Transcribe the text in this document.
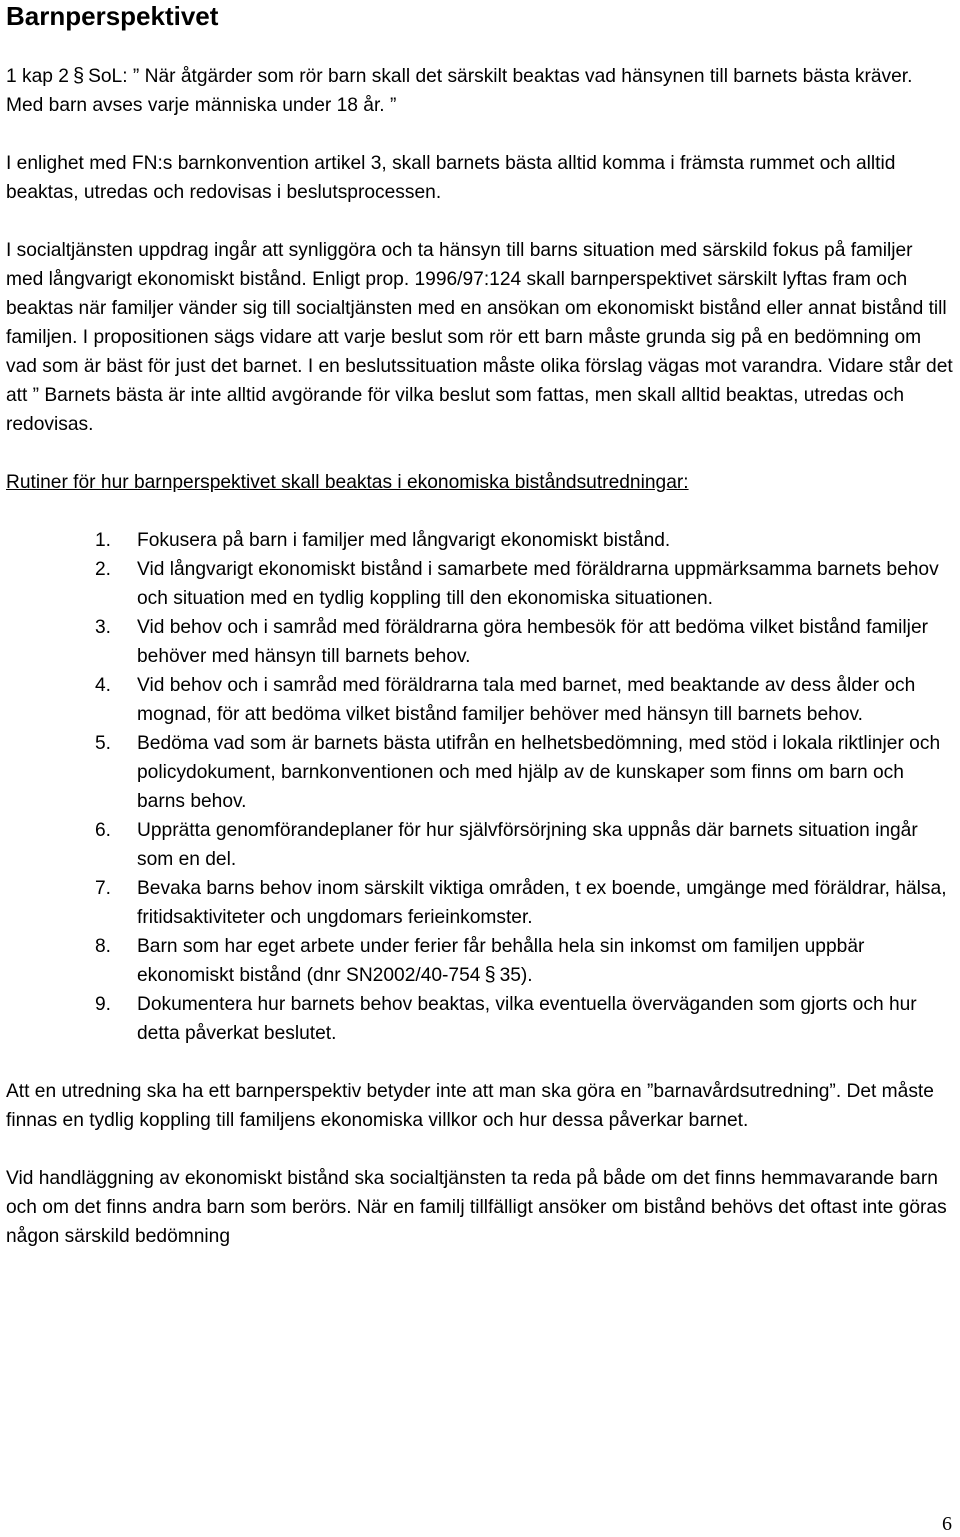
Barnperspektivet

1 kap 2 § SoL: ” När åtgärder som rör barn skall det särskilt beaktas vad hänsynen till barnets bästa kräver. Med barn avses varje människa under 18 år. ”

I enlighet med FN:s barnkonvention artikel 3, skall barnets bästa alltid komma i främsta rummet och alltid beaktas, utredas och redovisas i beslutsprocessen.

I socialtjänsten uppdrag ingår att synliggöra och ta hänsyn till barns situation med särskild fokus på familjer med långvarigt ekonomiskt bistånd. Enligt prop. 1996/97:124 skall barnperspektivet särskilt lyftas fram och beaktas när familjer vänder sig till socialtjänsten med en ansökan om ekonomiskt bistånd eller annat bistånd till familjen. I propositionen sägs vidare att varje beslut som rör ett barn måste grunda sig på en bedömning om vad som är bäst för just det barnet. I en beslutssituation måste olika förslag vägas mot varandra. Vidare står det att ” Barnets bästa är inte alltid avgörande för vilka beslut som fattas, men skall alltid beaktas, utredas och redovisas.

Rutiner för hur barnperspektivet skall beaktas i ekonomiska biståndsutredningar:

1. Fokusera på barn i familjer med långvarigt ekonomiskt bistånd.
2. Vid långvarigt ekonomiskt bistånd i samarbete med föräldrarna uppmärksamma barnets behov och situation med en tydlig koppling till den ekonomiska situationen.
3. Vid behov och i samråd med föräldrarna göra hembesök för att bedöma vilket bistånd familjer behöver med hänsyn till barnets behov.
4. Vid behov och i samråd med föräldrarna tala med barnet, med beaktande av dess ålder och mognad, för att bedöma vilket bistånd familjer behöver med hänsyn till barnets behov.
5. Bedöma vad som är barnets bästa utifrån en helhetsbedömning, med stöd i lokala riktlinjer och policydokument, barnkonventionen och med hjälp av de kunskaper som finns om barn och barns behov.
6. Upprätta genomförandeplaner för hur självförsörjning ska uppnås där barnets situation ingår som en del.
7. Bevaka barns behov inom särskilt viktiga områden, t ex boende, umgänge med föräldrar, hälsa, fritidsaktiviteter och ungdomars ferieinkomster.
8. Barn som har eget arbete under ferier får behålla hela sin inkomst om familjen uppbär ekonomiskt bistånd (dnr SN2002/40-754 § 35).
9. Dokumentera hur barnets behov beaktas, vilka eventuella överväganden som gjorts och hur detta påverkat beslutet.

Att en utredning ska ha ett barnperspektiv betyder inte att man ska göra en ”barnavårdsutredning”. Det måste finnas en tydlig koppling till familjens ekonomiska villkor och hur dessa påverkar barnet.

Vid handläggning av ekonomiskt bistånd ska socialtjänsten ta reda på både om det finns hemmavarande barn och om det finns andra barn som berörs. När en familj tillfälligt ansöker om bistånd behövs det oftast inte göras någon särskild bedömning

6
